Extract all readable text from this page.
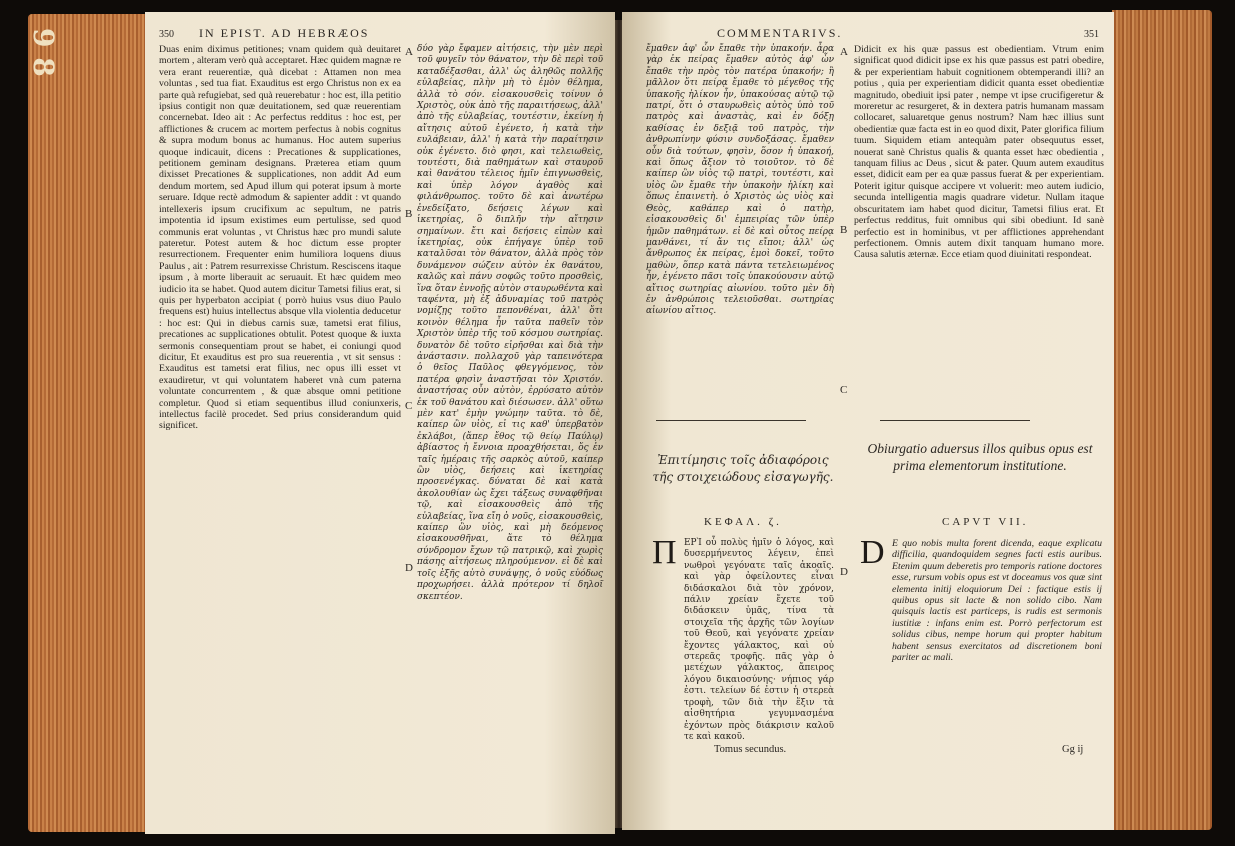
9 8	350 IN EPIST. AD HEBRÆOS
Duas enim diximus petitiones; vnam quidem quà deuitaret mortem , alteram verò quà acceptaret. Hæc quidem magnæ re vera erant reuerentiæ, quà dicebat : Attamen non mea voluntas , sed tua fiat. Exauditus est ergo Christus non ex ea parte quà refugiebat, sed quà reuerebatur : hoc est, illa petitio ipsius contigit non quæ deuitationem, sed quæ reuerentiam concernebat. Ideo ait : Ac perfectus redditus : hoc est, per afflictiones & crucem ac mortem perfectus à nobis cognitus & supra modum bonus ac humanus. Hoc autem superius quoque indicauit, dicens : Precationes & supplicationes, petitionem geminam designans. Præterea etiam quum dixisset Precationes & supplicationes, non addit Ad eum dendum mortem, sed Apud illum qui poterat ipsum à morte seruare. Idque rectè admodum & sapienter addit : vt quando intellexeris ipsum crucifixum ac sepultum, ne patris impotentia id ipsum existimes eum pertulisse, sed quod communis erat voluntas , vt Christus hæc pro mundi salute pateretur. Potest autem & hoc dictum esse propter resurrectionem. Frequenter enim humiliora loquens diuus Paulus , ait : Patrem resurrexisse Christum. Resciscens itaque ipsum , à morte liberauit ac seruauit. Et hæc quidem meo iudicio ita se habet. Quod autem dicitur Tametsi filius erat, si quis per hyperbaton accipiat ( porrò huius vsus diuo Paulo frequens est) huius intellectus absque vlla violentia deducetur : hoc est: Qui in diebus carnis suæ, tametsi erat filius, precationes ac supplicationes obtulit. Potest quoque & iuxta sermonis consequentiam prout se habet, ei coniungi quod dicitur, Et exauditus est pro sua reuerentia , vt sit sensus : Exauditus est tametsi erat filius, nec opus illi esset vt exaudiretur, vt qui voluntatem haberet vnà cum paterna voluntate concurrentem , & quæ absque omni petitione completur. Quod si etiam sequentibus illud coniunxeris, intellectus facilè procedet. Sed prius considerandum quid significet.
A
B
C
D
δύο γὰρ ἔφαμεν αἰτήσεις, τὴν μὲν περὶ τοῦ φυγεῖν τὸν θάνατον, τὴν δὲ περὶ τοῦ καταδέξασθαι, ἀλλ' ὡς ἀληθῶς πολλῆς εὐλαβείας, πλὴν μὴ τὸ ἐμὸν θέλημα, ἀλλὰ τὸ σόν. εἰσακουσθεὶς τοίνυν ὁ Χριστὸς, οὐκ ἀπὸ τῆς παραιτήσεως, ἀλλ' ἀπὸ τῆς εὐλαβείας, τουτέστιν, ἐκείνη ἡ αἴτησις αὐτοῦ ἐγένετο, ἡ κατὰ τὴν ευλάβειαν, ἀλλ' ἡ κατὰ τὴν παραίτησιν οὐκ ἐγένετο. διὸ φησι, καὶ τελειωθεὶς, τουτέστι, διὰ παθημάτων καὶ σταυροῦ καὶ θανάτου τέλειος ἡμῖν ἐπιγνωσθεὶς, καὶ ὑπὲρ λόγον ἀγαθὸς καὶ φιλάνθρωπος. τοῦτο δὲ καὶ ἀνωτέρω ἐνεδείξατο, δεήσεις λέγων καὶ ἱκετηρίας, ὃ διπλῆν τὴν αἴτησιν σημαίνων. ἔτι καὶ δεήσεις εἰπὼν καὶ ἱκετηρίας, οὐκ ἐπήγαγε ὑπὲρ τοῦ καταλῦσαι τὸν θάνατον, ἀλλὰ πρὸς τὸν δυνάμενον σώζειν αὐτὸν ἐκ θανάτου, καλῶς καὶ πάνυ σοφῶς τοῦτο προσθεὶς, ἵνα ὅταν ἐννοῇς αὐτὸν σταυρωθέντα καὶ ταφέντα, μὴ ἐξ ἀδυναμίας τοῦ πατρὸς νομίζῃς τοῦτο πεπονθέναι, ἀλλ' ὅτι κοινὸν θέλημα ἦν ταῦτα παθεῖν τὸν Χριστὸν ὑπὲρ τῆς τοῦ κόσμου σωτηρίας. δυνατὸν δὲ τοῦτο εἰρῆσθαι καὶ διὰ τὴν ἀνάστασιν. πολλαχοῦ γὰρ ταπεινότερα ὁ θεῖος Παῦλος φθεγγόμενος, τὸν πατέρα φησὶν ἀναστῆσαι τὸν Χριστόν. ἀναστήσας οὖν αὐτὸν, ἐρρύσατο αὐτὸν ἐκ τοῦ θανάτου καὶ διέσωσεν. ἀλλ' οὕτω μὲν κατ' ἐμὴν γνώμην ταῦτα. τὸ δὲ, καίπερ ὢν υἱὸς, εἰ τις καθ' ὑπερβατὸν ἐκλάβοι, (ἅπερ ἔθος τῷ θείῳ Παύλῳ) ἀβίαστος ἡ ἔννοια προαχθήσεται, ὅς ἐν ταῖς ἡμέραις τῆς σαρκὸς αὐτοῦ, καίπερ ὢν υἱὸς, δεήσεις καὶ ἱκετηρίας προσενέγκας. δύναται δὲ καὶ κατὰ ἀκολουθίαν ὡς ἔχει τάξεως συναφθῆναι τῷ, καὶ εἰσακουσθεὶς ἀπὸ τῆς εὐλαβείας, ἵνα εἴη ὁ νοῦς, εἰσακουσθεὶς, καίπερ ὢν υἱὸς, καὶ μὴ δεόμενος εἰσακουσθῆναι, ἅτε τὸ θέλημα σύνδρομον ἔχων τῷ πατρικῷ, καὶ χωρὶς πάσης αἰτήσεως πληρούμενον. εἰ δὲ καὶ τοῖς ἑξῆς αὐτὸ συνάψῃς, ὁ νοῦς εὐόδως προχωρήσει. ἀλλὰ πρότερον τί δηλοῖ σκεπτέον.
COMMENTARIVS.	351
ἔμαθεν ἀφ' ὧν ἔπαθε τὴν ὑπακοήν. ἆρα γὰρ ἐκ πείρας ἔμαθεν αὐτὸς ἀφ' ὧν ἔπαθε τὴν πρὸς τὸν πατέρα ὑπακοήν; ἢ μᾶλλον ὅτι πείρᾳ ἔμαθε τὸ μέγεθος τῆς ὑπακοῆς ἡλίκον ἦν, ὑπακούσας αὐτῷ τῷ πατρί, ὅτι ὁ σταυρωθεὶς αὐτὸς ὑπὸ τοῦ πατρὸς καὶ ἀναστὰς, καὶ ἐν δόξῃ καθίσας ἐν δεξιᾷ τοῦ πατρὸς, τὴν ἀνθρωπίνην φύσιν συνδοξάσας. ἔμαθεν οὖν διὰ τούτων, φησὶν, ὅσον ἡ ὑπακοή, καὶ ὅπως ἄξιον τὸ τοιοῦτον. τὸ δὲ καίπερ ὢν υἱὸς τῷ πατρὶ, τουτέστι, καὶ υἱὸς ὢν ἔμαθε τὴν ὑπακοὴν ἡλίκη καὶ ὅπως ἐπαινετὴ. ὁ Χριστὸς ὡς υἱὸς καὶ Θεὸς, καθάπερ καὶ ὁ πατὴρ, εἰσακουσθεὶς δι' ἐμπειρίας τῶν ὑπὲρ ἡμῶν παθημάτων. εἰ δὲ καὶ οὗτος πείρᾳ μανθάνει, τί ἄν τις εἴποι; ἀλλ' ὡς ἄνθρωπος ἐκ πείρας, ἐμοὶ δοκεῖ, τοῦτο μαθὼν, ὅπερ κατὰ πάντα τετελειωμένος ἦν, ἐγένετο πᾶσι τοῖς ὑπακούουσιν αὐτῷ αἴτιος σωτηρίας αἰωνίου. τοῦτο μὲν δὴ ἐν ἀνθρώποις τελειοῦσθαι. σωτηρίας αἰωνίου αἴτιος.
A
B
C
Didicit ex his quæ passus est obedientiam. Vtrum enim significat quod didicit ipse ex his quæ passus est patri obedire, & per experientiam habuit cognitionem obtemperandi illi? an potius , quia per experientiam didicit quanta esset obedientiæ magnitudo, obediuit ipsi pater , nempe vt ipse crucifigeretur & moreretur ac resurgeret, & in dextera patris humanam massam collocaret, saluaretque genus nostrum? Nam hæc illius sunt obedientiæ quæ facta est in eo quod dixit, Pater glorifica filium tuum. Siquidem etiam antequàm pater obsequutus esset, nouerat sanè Christus qualis & quanta esset hæc obedientia , tanquam filius ac Deus , sicut & pater. Quum autem exauditus esset, didicit eam per ea quæ passus fuerat & per experientiam. Poterit igitur quisque accipere vt voluerit: meo autem iudicio, secunda intelligentia magis quadrare videtur. Nullam itaque obscuritatem iam habet quod dicitur, Tametsi filius erat. Et perfectus redditus, fuit omnibus qui sibi obediunt. Id sanè perfectio est in hominibus, vt per afflictiones apprehendant perfectionem. Omnis autem dixit tanquam humano more. Causa salutis æternæ. Ecce etiam quod diuinitati respondeat.
Ἐπιτίμησις τοῖς ἀδιαφόροις τῆς στοιχειώδους εἰσαγωγῆς.
Obiurgatio aduersus illos quibus opus est prima elementorum institutione.
ΚΕΦΑΛ. ζ.	CAPVT VII.
Π ΕΡῚ οὗ πολὺς ἡμῖν ὁ λόγος, καὶ δυσερμήνευτος λέγειν, ἐπεὶ νωθροὶ γεγόνατε ταῖς ἀκοαῖς. καὶ γὰρ ὀφείλοντες εἶναι διδάσκαλοι διὰ τὸν χρόνον, πάλιν χρείαν ἔχετε τοῦ διδάσκειν ὑμᾶς, τίνα τὰ στοιχεῖα τῆς ἀρχῆς τῶν λογίων τοῦ Θεοῦ, καὶ γεγόνατε χρείαν ἔχοντες γάλακτος, καὶ οὐ στερεᾶς τροφῆς. πᾶς γὰρ ὁ μετέχων γάλακτος, ἄπειρος λόγου δικαιοσύνης· νήπιος γάρ ἐστι. τελείων δέ ἐστιν ἡ στερεὰ τροφὴ, τῶν διὰ τὴν ἕξιν τὰ αἰσθητήρια γεγυμνασμένα ἐχόντων πρὸς διάκρισιν καλοῦ τε καὶ κακοῦ.
D
D E quo nobis multa forent dicenda, eaque explicatu difficilia, quandoquidem segnes facti estis auribus. Etenim quum deberetis pro temporis ratione doctores esse, rursum vobis opus est vt doceamus vos quæ sint elementa initij eloquiorum Dei : factique estis ij quibus opus sit lacte & non solido cibo. Nam quisquis lactis est particeps, is rudis est sermonis iustitiæ : infans enim est. Porrò perfectorum est solidus cibus, nempe horum qui propter habitum habent sensus exercitatos ad discretionem boni pariter ac mali.
Tomus secundus.	Gg ij
